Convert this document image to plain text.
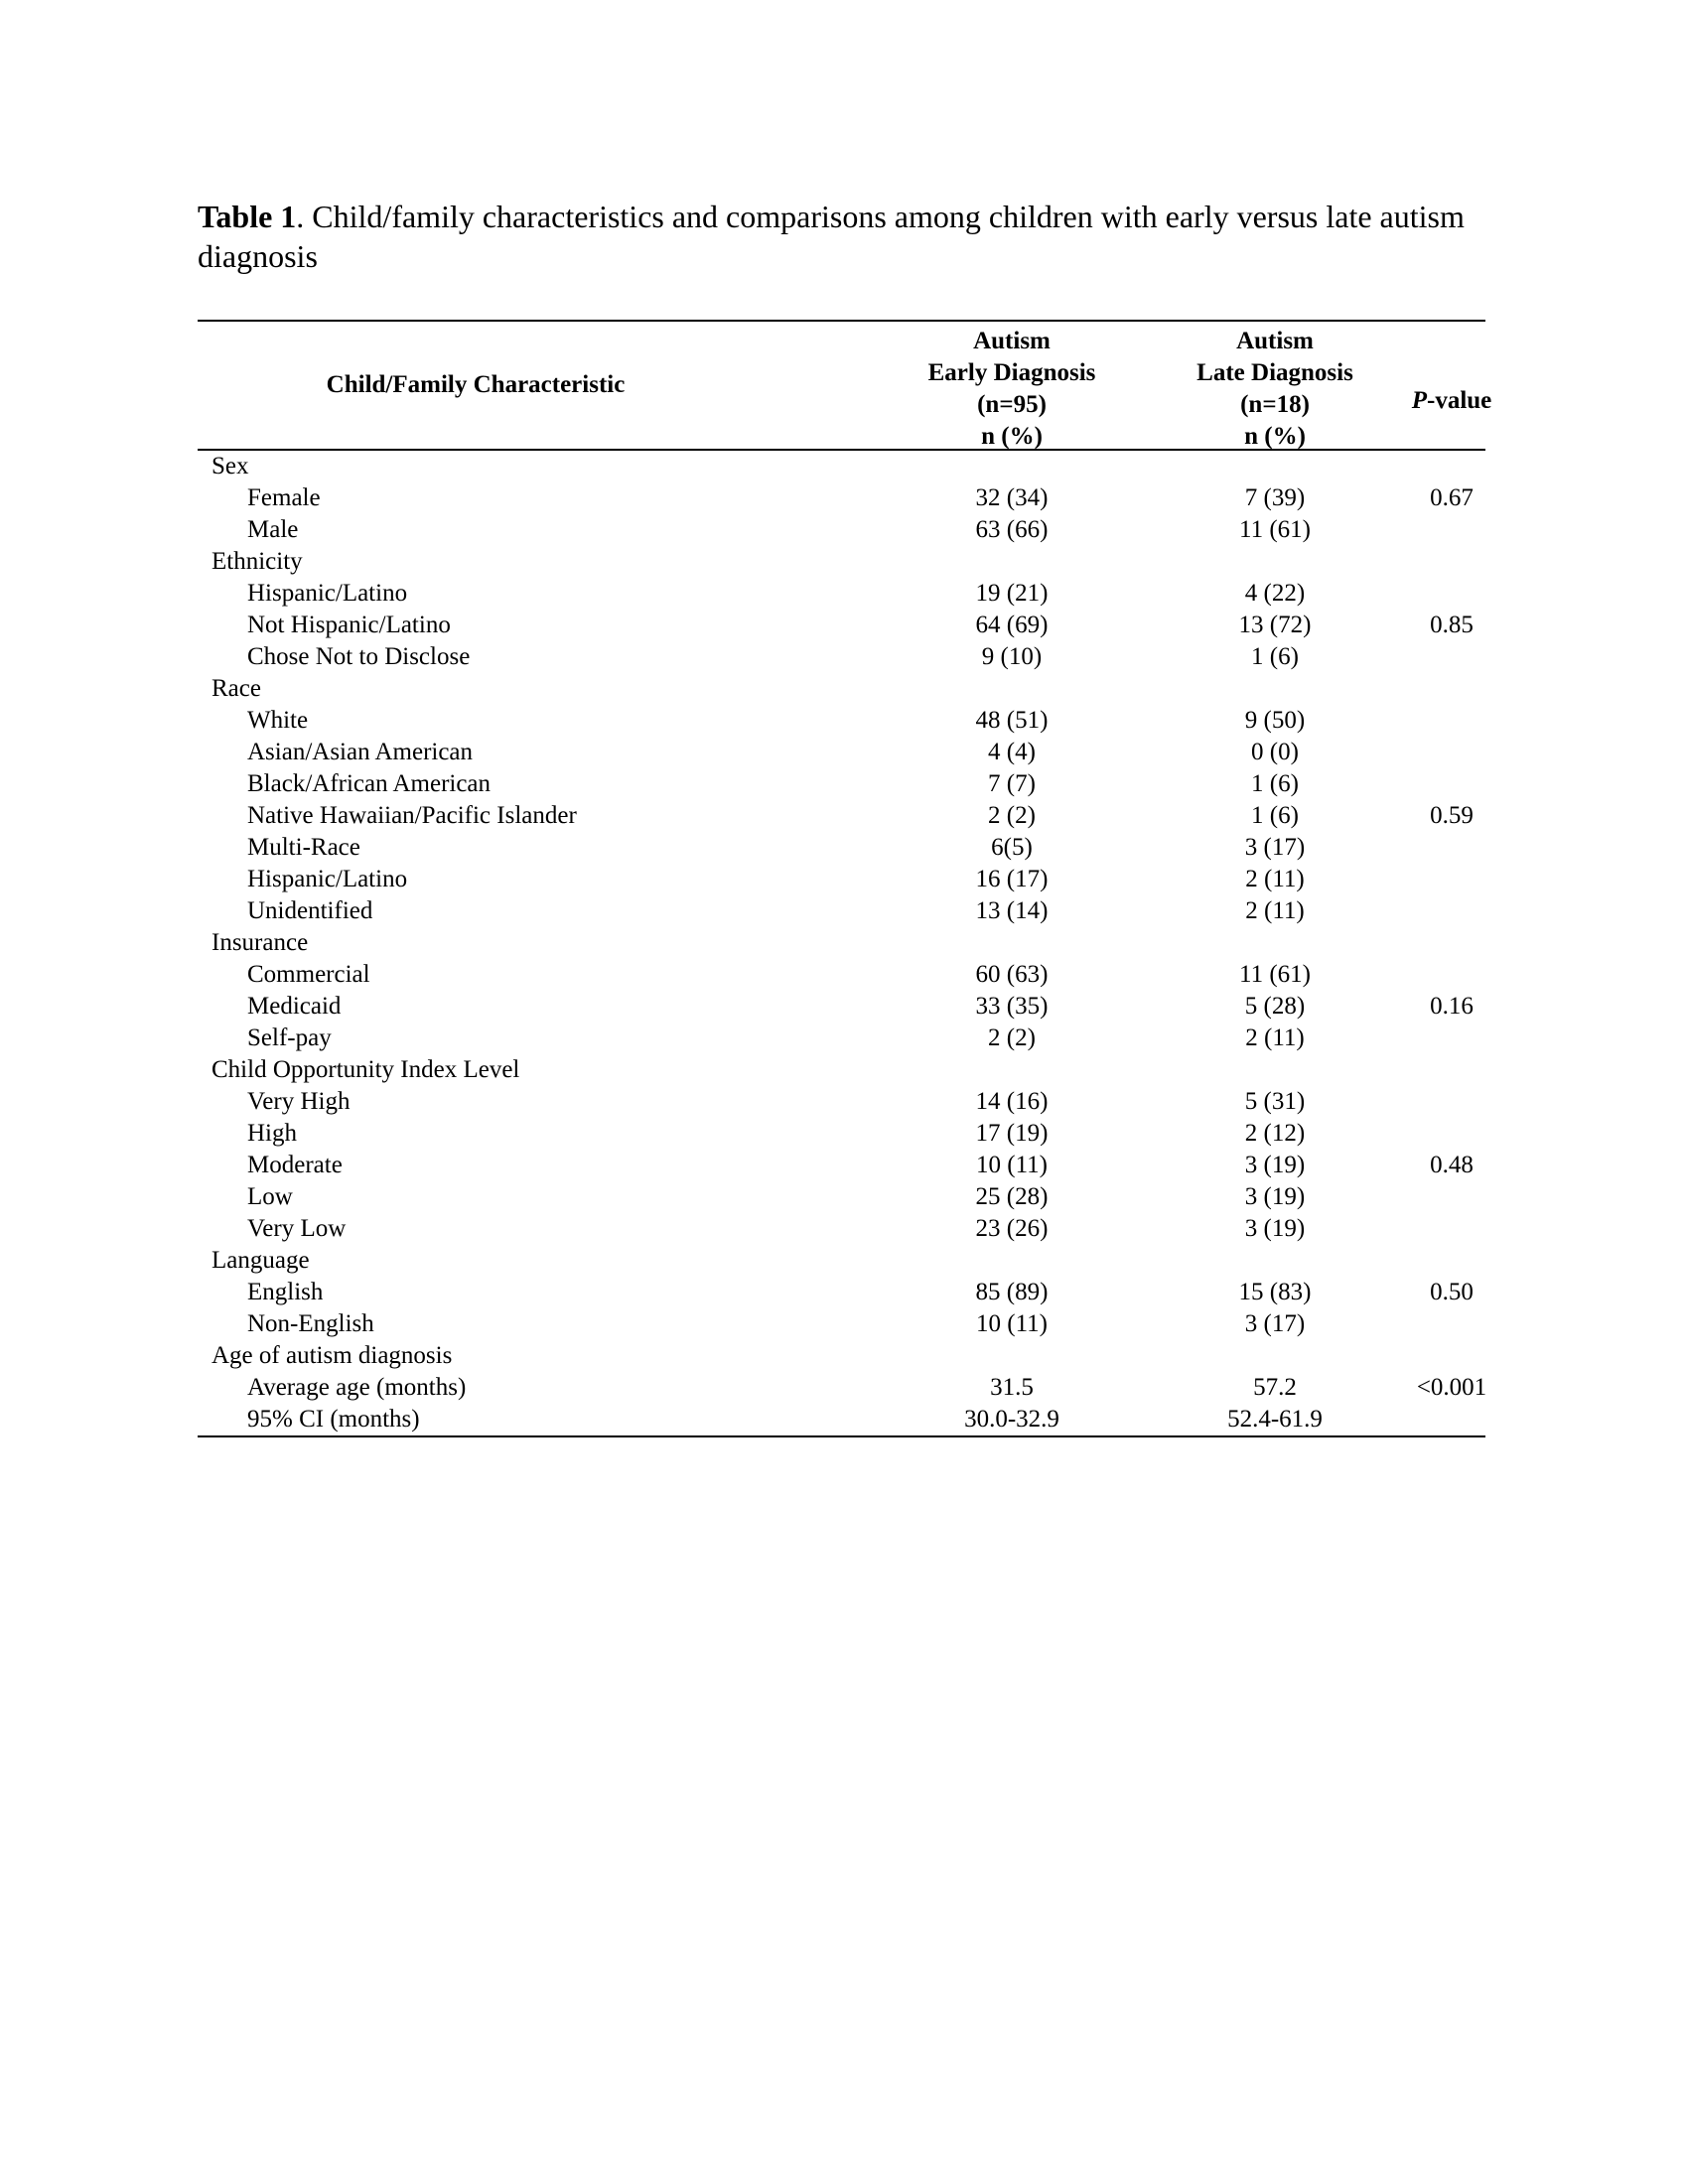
Table 1. Child/family characteristics and comparisons among children with early versus late autism diagnosis
Child/Family Characteristic
Autism
Early Diagnosis
(n=95)
n (%)
Autism
Late Diagnosis
(n=18)
n (%)
P-value
Sex
Female	32 (34)	7 (39)	0.67
Male	63 (66)	11 (61)
Ethnicity
Hispanic/Latino	19 (21)	4 (22)
Not Hispanic/Latino	64 (69)	13 (72)	0.85
Chose Not to Disclose	9 (10)	1 (6)
Race
White	48 (51)	9 (50)
Asian/Asian American	4 (4)	0 (0)
Black/African American	7 (7)	1 (6)
Native Hawaiian/Pacific Islander	2 (2)	1 (6)	0.59
Multi-Race	6(5)	3 (17)
Hispanic/Latino	16 (17)	2 (11)
Unidentified	13 (14)	2 (11)
Insurance
Commercial	60 (63)	11 (61)
Medicaid	33 (35)	5 (28)	0.16
Self-pay	2 (2)	2 (11)
Child Opportunity Index Level
Very High	14 (16)	5 (31)
High	17 (19)	2 (12)
Moderate	10 (11)	3 (19)	0.48
Low	25 (28)	3 (19)
Very Low	23 (26)	3 (19)
Language
English	85 (89)	15 (83)	0.50
Non-English	10 (11)	3 (17)
Age of autism diagnosis
Average age (months)	31.5	57.2	<0.001
95% CI (months)	30.0-32.9	52.4-61.9
